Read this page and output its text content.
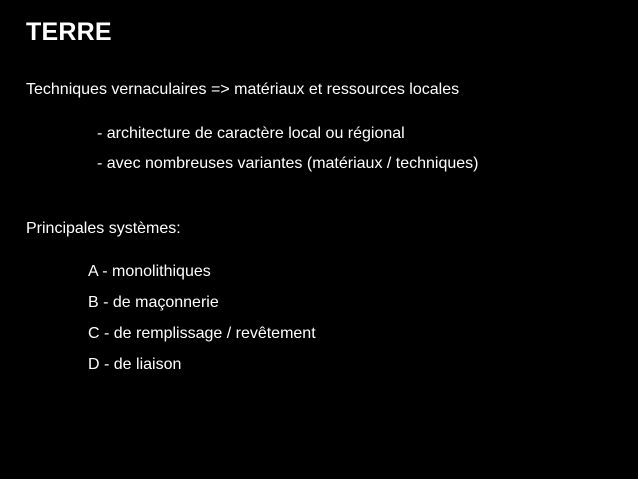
TERRE
Techniques vernaculaires => matériaux et ressources locales
- architecture de caractère local ou régional
- avec nombreuses variantes (matériaux / techniques)
Principales systèmes:
A - monolithiques
B - de maçonnerie
C - de remplissage / revêtement
D - de liaison
